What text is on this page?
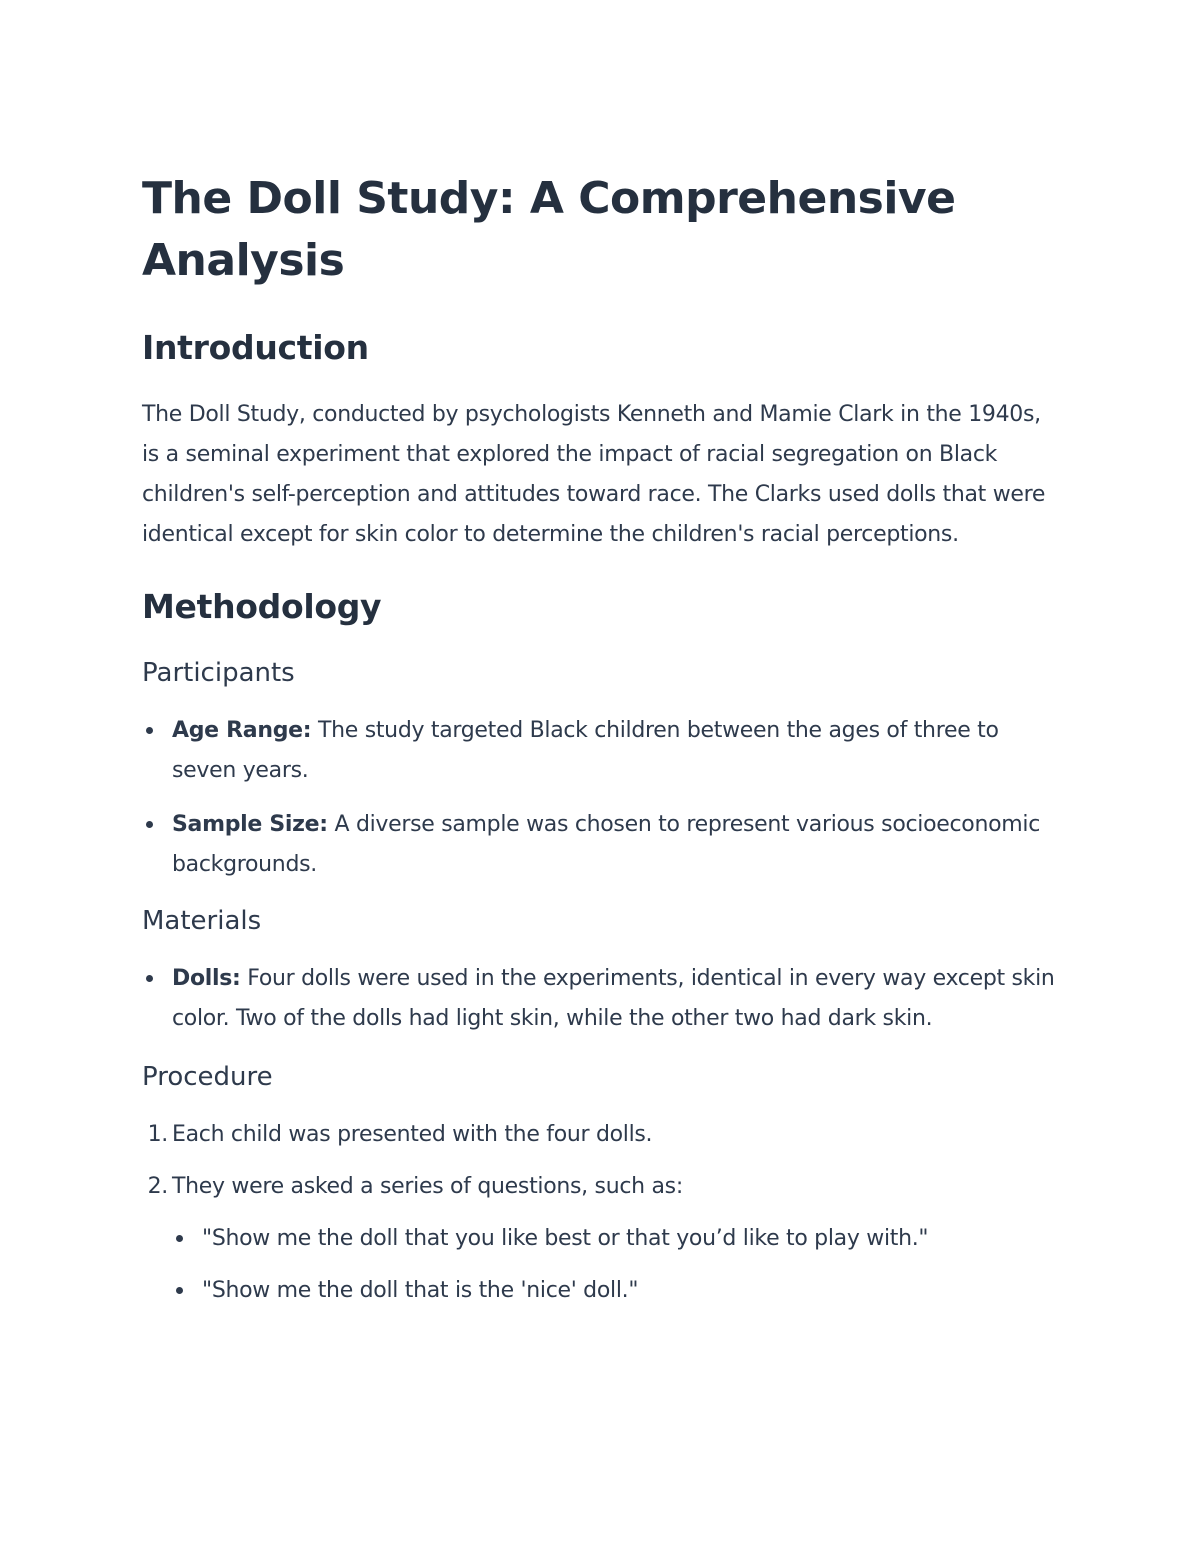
The Doll Study: A Comprehensive Analysis
Introduction

The Doll Study, conducted by psychologists Kenneth and Mamie Clark in the 1940s, is a seminal experiment that explored the impact of racial segregation on Black children's self-perception and attitudes toward race. The Clarks used dolls that were identical except for skin color to determine the children's racial perceptions.

Methodology
Participants
Age Range: The study targeted Black children between the ages of three to seven years.
Sample Size: A diverse sample was chosen to represent various socioeconomic backgrounds.
Materials
Dolls: Four dolls were used in the experiments, identical in every way except skin color. Two of the dolls had light skin, while the other two had dark skin.
Procedure
1. Each child was presented with the four dolls.
2. They were asked a series of questions, such as:
"Show me the doll that you like best or that you’d like to play with."
"Show me the doll that is the 'nice' doll."
